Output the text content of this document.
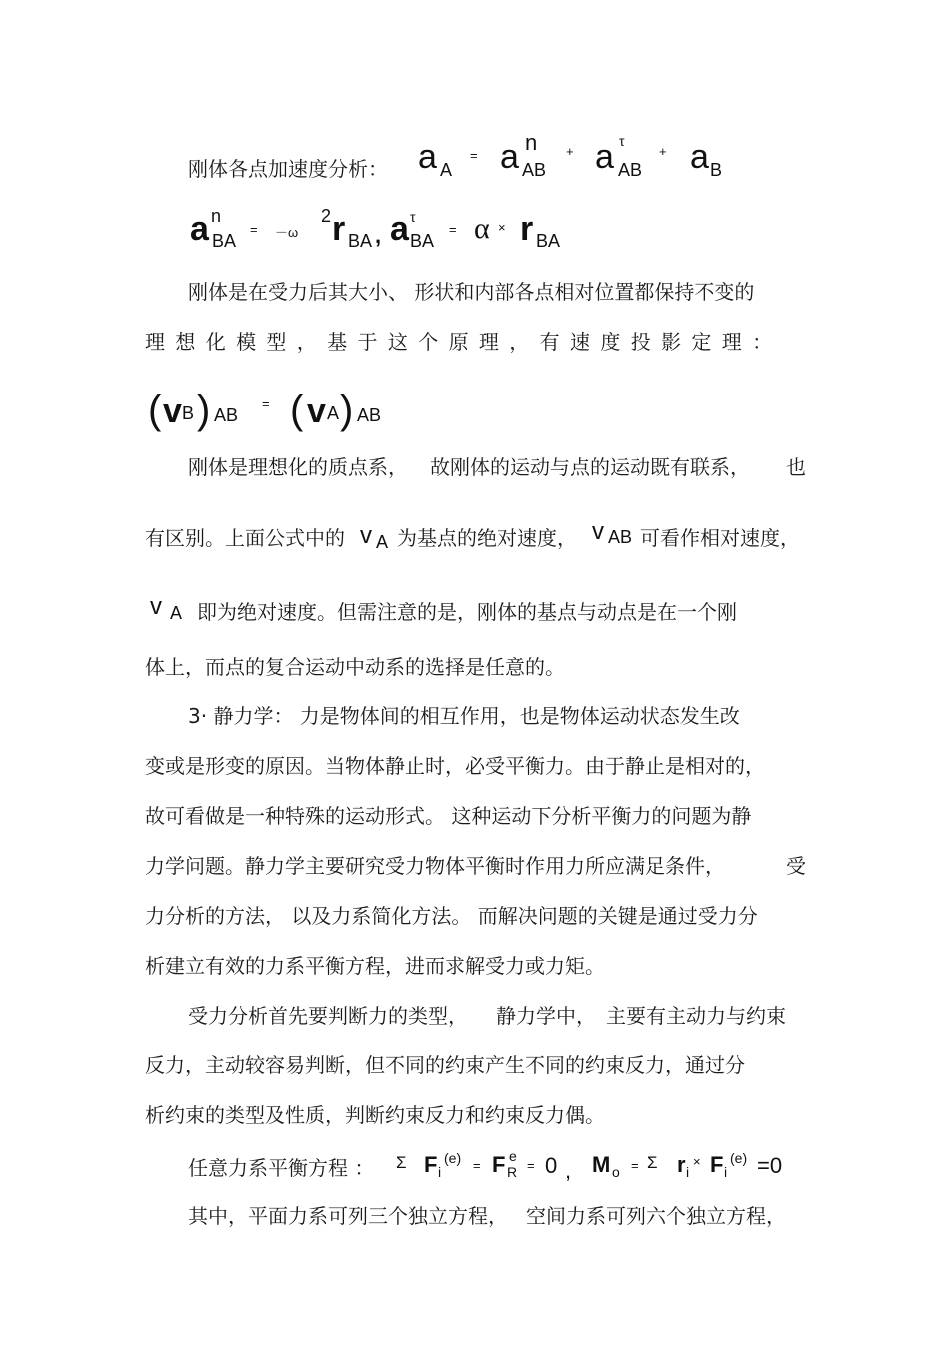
刚体各点加速度分析： a A
= a n
AB
+ a τ
AB
+ a B
a n
BA
= －ω
2 r BA , a τ
BA
= α × r BA
刚体是在受力后其大小、 形状和内部各点相对位置都保持不变的
理 想 化 模 型 ， 基 于 这 个 原 理 ， 有 速 度 投 影 定 理 ：
( v B ) AB
= ( v A ) AB
刚体是理想化的质点系， 故刚体的运动与点的运动既有联系， 也
有区别。上面公式中的 v A 为基点的绝对速度， v AB 可看作相对速度，
v A 即为绝对速度。但需注意的是，刚体的基点与动点是在一个刚
体上，而点的复合运动中动系的选择是任意的。
3· 静力学： 力是物体间的相互作用，也是物体运动状态发生改
变或是形变的原因。当物体静止时，必受平衡力。由于静止是相对的，
故可看做是一种特殊的运动形式。 这种运动下分析平衡力的问题为静
力学问题。静力学主要研究受力物体平衡时作用力所应满足条件，	受
力分析的方法， 以及力系简化方法。 而解决问题的关键是通过受力分
析建立有效的力系平衡方程，进而求解受力或力矩。
受力分析首先要判断力的类型， 静力学中， 主要有主动力与约束
反力，主动较容易判断，但不同的约束产生不同的约束反力，通过分
析约束的类型及性质，判断约束反力和约束反力偶。
任意力系平衡方程 ： Σ F i
(e) = F R
e
= 0 , M o = Σ r i
× F i
(e) =0
其中，平面力系可列三个独立方程， 空间力系可列六个独立方程，
